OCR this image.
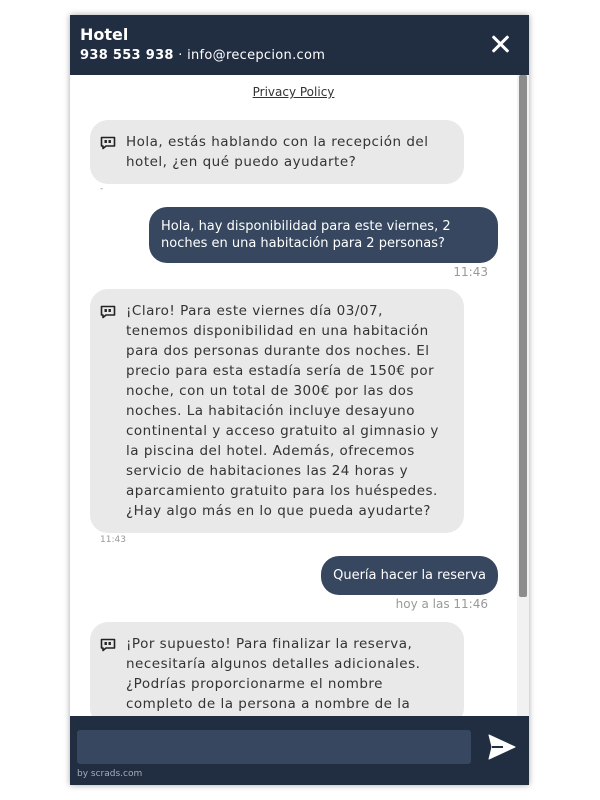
Hotel
938 553 938 · info@recepcion.com
Privacy Policy
Hola, estás hablando con la recepción del hotel, ¿en qué puedo ayudarte?
-
Hola, hay disponibilidad para este viernes, 2 noches en una habitación para 2 personas?
11:43
¡Claro! Para este viernes día 03/07, tenemos disponibilidad en una habitación para dos personas durante dos noches. El precio para esta estadía sería de 150€ por noche, con un total de 300€ por las dos noches. La habitación incluye desayuno continental y acceso gratuito al gimnasio y la piscina del hotel. Además, ofrecemos servicio de habitaciones las 24 horas y aparcamiento gratuito para los huéspedes. ¿Hay algo más en lo que pueda ayudarte?
11:43
Quería hacer la reserva
hoy a las 11:46
¡Por supuesto! Para finalizar la reserva, necesitaría algunos detalles adicionales. ¿Podrías proporcionarme el nombre completo de la persona a nombre de la
by scrads.com
